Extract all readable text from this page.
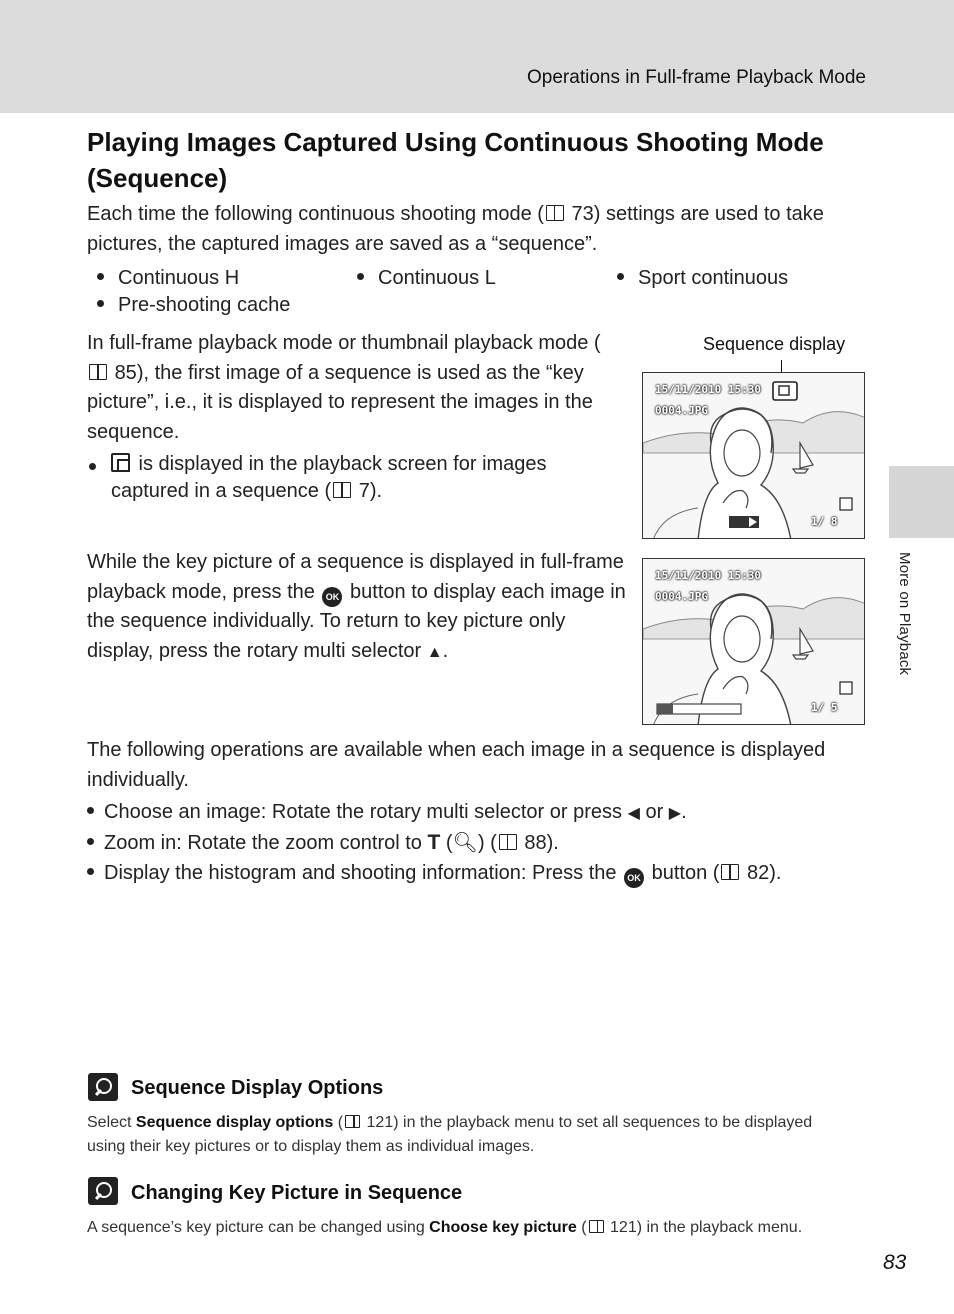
Operations in Full-frame Playback Mode
More on Playback
Playing Images Captured Using Continuous Shooting Mode (Sequence)

Each time the following continuous shooting mode ( 73) settings are used to take pictures, the captured images are saved as a “sequence”.

Continuous H	Continuous L	Sport continuous
Pre-shooting cache

In full-frame playback mode or thumbnail playback mode ( 85), the first image of a sequence is used as the “key picture”, i.e., it is displayed to represent the images in the sequence.

is displayed in the playback screen for images captured in a sequence ( 7).

While the key picture of a sequence is displayed in full-frame playback mode, press the OK button to display each image in the sequence individually. To return to key picture only display, press the rotary multi selector ▲.

Sequence display
15/11/2010 15:30
0004.JPG
1/ 8
15/11/2010 15:30
0004.JPG
1/ 5

The following operations are available when each image in a sequence is displayed individually.

Choose an image: Rotate the rotary multi selector or press ◀ or ▶.
Zoom in: Rotate the zoom control to T (🔍︎) ( 88).
Display the histogram and shooting information: Press the OK button ( 82).
Sequence Display Options

Select Sequence display options ( 121) in the playback menu to set all sequences to be displayed using their key pictures or to display them as individual images.

Changing Key Picture in Sequence

A sequence’s key picture can be changed using Choose key picture ( 121) in the playback menu.

83
